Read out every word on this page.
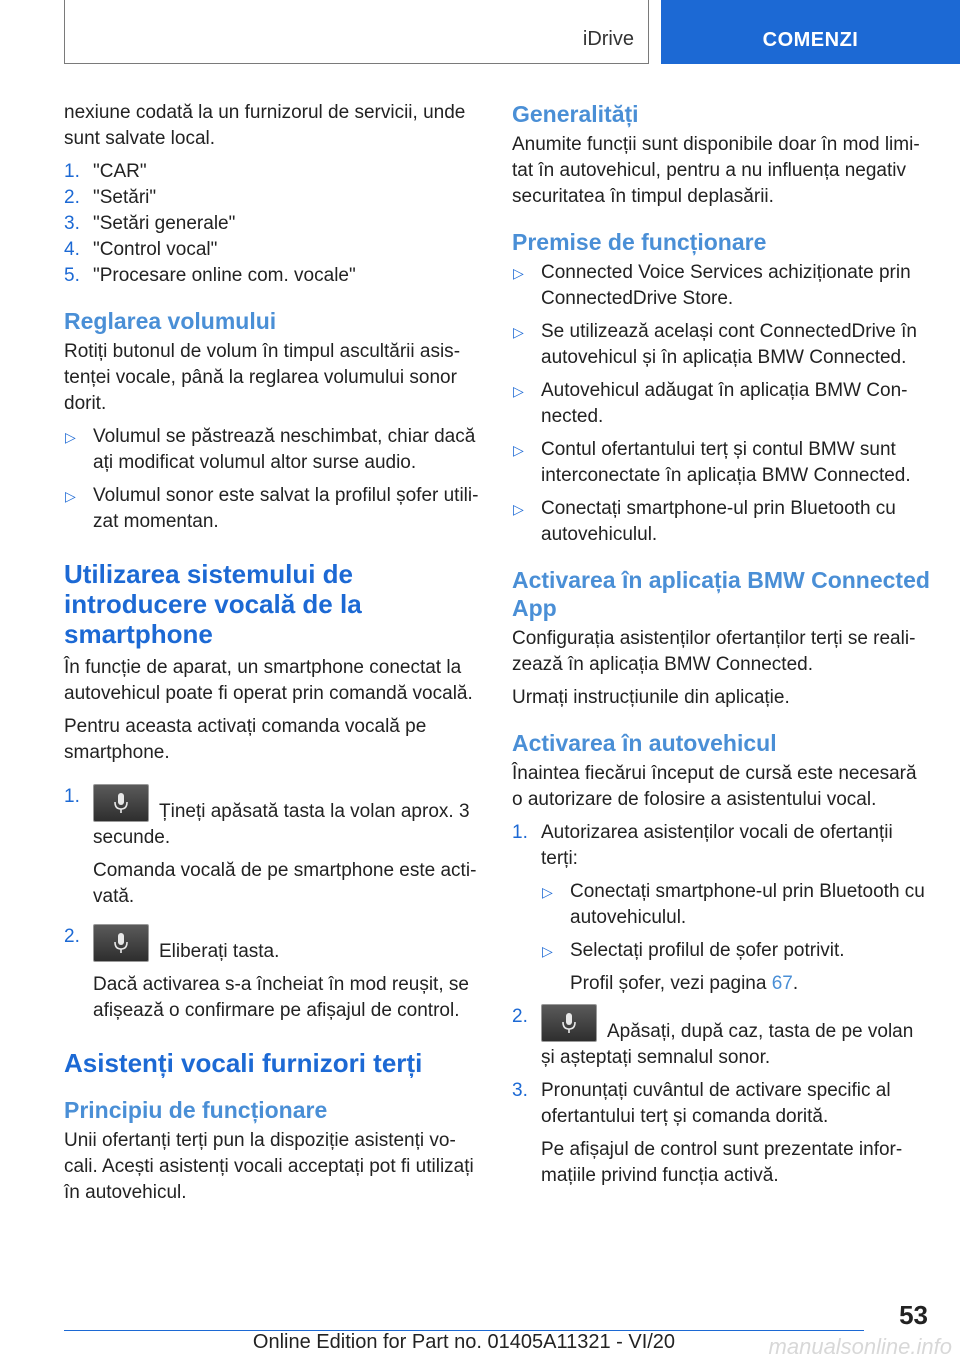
iDrive	COMENZI

nexiune codată la un furnizorul de servicii, unde sunt salvate local.

1. "CAR"
2. "Setări"
3. "Setări generale"
4. "Control vocal"
5. "Procesare online com. vocale"
Reglarea volumului

Rotiți butonul de volum în timpul ascultării asistenței vocale, până la reglarea volumului sonor dorit.

▷ Volumul se păstrează neschimbat, chiar dacă ați modificat volumul altor surse audio.
▷ Volumul sonor este salvat la profilul șofer utilizat momentan.
Utilizarea sistemului de introducere vocală de la smartphone

În funcție de aparat, un smartphone conectat la autovehicul poate fi operat prin comandă vocală.

Pentru aceasta activați comanda vocală pe smartphone.

1.
Țineți apăsată tasta la volan aprox. 3 secunde.
Comanda vocală de pe smartphone este activată.
2.
Eliberați tasta.
Dacă activarea s-a încheiat în mod reușit, se afișează o confirmare pe afișajul de control.
Asistenți vocali furnizori terți
Principiu de funcționare

Unii ofertanți terți pun la dispoziție asistenți vocali. Acești asistenți vocali acceptați pot fi utilizați în autovehicul.

Generalități

Anumite funcții sunt disponibile doar în mod limitat în autovehicul, pentru a nu influența negativ securitatea în timpul deplasării.

Premise de funcționare
▷ Connected Voice Services achiziționate prin ConnectedDrive Store.
▷ Se utilizează același cont ConnectedDrive în autovehicul și în aplicația BMW Connected.
▷ Autovehicul adăugat în aplicația BMW Connected.
▷ Contul ofertantului terț și contul BMW sunt interconectate în aplicația BMW Connected.
▷ Conectați smartphone-ul prin Bluetooth cu autovehiculul.
Activarea în aplicația BMW Connected App

Configurația asistenților ofertanților terți se realizează în aplicația BMW Connected.

Urmați instrucțiunile din aplicație.

Activarea în autovehicul

Înaintea fiecărui început de cursă este necesară o autorizare de folosire a asistentului vocal.

1. Autorizarea asistenților vocali de ofertanții terți:
▷ Conectați smartphone-ul prin Bluetooth cu autovehiculul.
▷ Selectați profilul de șofer potrivit.
Profil șofer, vezi pagina 67.
2.
Apăsați, după caz, tasta de pe volan și așteptați semnalul sonor.
3. Pronunțați cuvântul de activare specific al ofertantului terț și comanda dorită.
Pe afișajul de control sunt prezentate informațiile privind funcția activă.
53
Online Edition for Part no. 01405A11321 - VI/20	manualsonline.info
